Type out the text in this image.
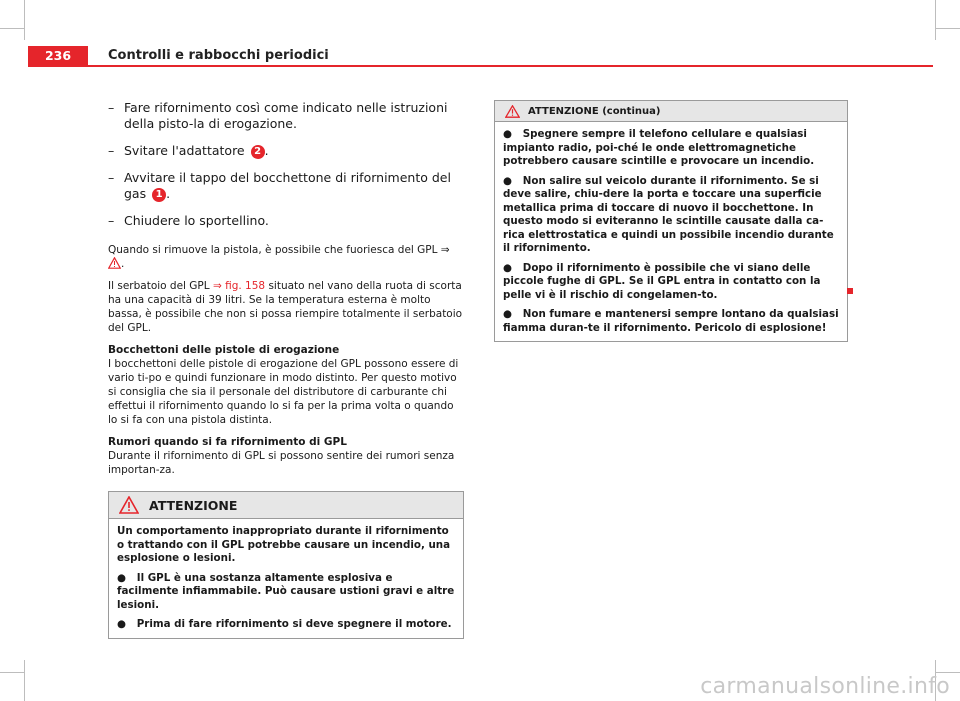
236	Controlli e rabbocchi periodici
– Fare rifornimento così come indicato nelle istruzioni della pisto-la di erogazione.
– Svitare l'adattatore 2 .
– Avvitare il tappo del bocchettone di rifornimento del gas 1 .
– Chiudere lo sportellino.

Quando si rimuove la pistola, è possibile che fuoriesca del GPL ⇒ .

Il serbatoio del GPL ⇒ fig. 158 situato nel vano della ruota di scorta ha una capacità di 39 litri. Se la temperatura esterna è molto bassa, è possibile che non si possa riempire totalmente il serbatoio del GPL.

Bocchettoni delle pistole di erogazione

I bocchettoni delle pistole di erogazione del GPL possono essere di vario ti-po e quindi funzionare in modo distinto. Per questo motivo si consiglia che sia il personale del distributore di carburante chi effettui il rifornimento quando lo si fa per la prima volta o quando lo si fa con una pistola distinta.

Rumori quando si fa rifornimento di GPL

Durante il rifornimento di GPL si possono sentire dei rumori senza importan-za.

ATTENZIONE

Un comportamento inappropriato durante il rifornimento o trattando con il GPL potrebbe causare un incendio, una esplosione o lesioni.

● Il GPL è una sostanza altamente esplosiva e facilmente infiammabile. Può causare ustioni gravi e altre lesioni.

● Prima di fare rifornimento si deve spegnere il motore.

ATTENZIONE (continua)

● Spegnere sempre il telefono cellulare e qualsiasi impianto radio, poi-ché le onde elettromagnetiche potrebbero causare scintille e provocare un incendio.

● Non salire sul veicolo durante il rifornimento. Se si deve salire, chiu-dere la porta e toccare una superficie metallica prima di toccare di nuovo il bocchettone. In questo modo si eviteranno le scintille causate dalla ca-rica elettrostatica e quindi un possibile incendio durante il rifornimento.

● Dopo il rifornimento è possibile che vi siano delle piccole fughe di GPL. Se il GPL entra in contatto con la pelle vi è il rischio di congelamen-to.

● Non fumare e mantenersi sempre lontano da qualsiasi fiamma duran-te il rifornimento. Pericolo di esplosione!

carmanualsonline.info
